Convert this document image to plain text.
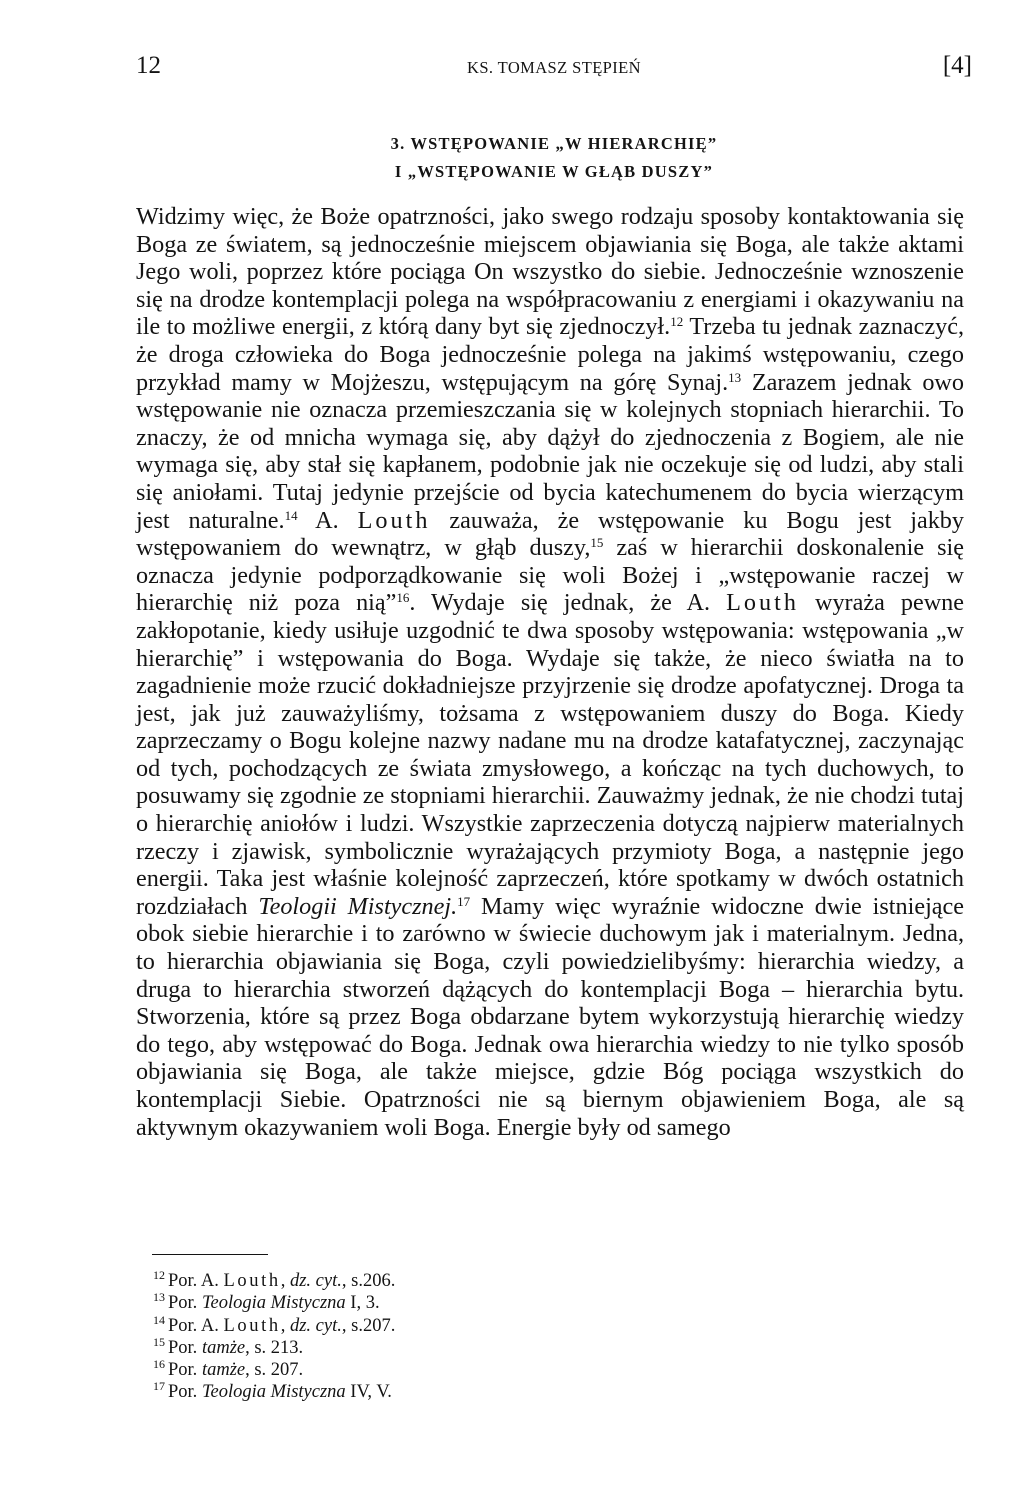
12	KS. TOMASZ STĘPIEŃ	[4]
3. WSTĘPOWANIE „W HIERARCHIĘ”
I „WSTĘPOWANIE W GŁĄB DUSZY”

Widzimy więc, że Boże opatrzności, jako swego rodzaju sposoby kontaktowania się Boga ze światem, są jednocześnie miejscem objawiania się Boga, ale także aktami Jego woli, poprzez które pociąga On wszystko do siebie. Jednocześnie wznoszenie się na drodze kontemplacji polega na współpracowaniu z energiami i okazywaniu na ile to możliwe energii, z którą dany byt się zjednoczył.$^{12}$ Trzeba tu jednak zaznaczyć, że droga człowieka do Boga jednocześnie polega na jakimś wstępowaniu, czego przykład mamy w Mojżeszu, wstępującym na górę Synaj.$^{13}$ Zarazem jednak owo wstępowanie nie oznacza przemieszczania się w kolejnych stopniach hierarchii. To znaczy, że od mnicha wymaga się, aby dążył do zjednoczenia z Bogiem, ale nie wymaga się, aby stał się kapłanem, podobnie jak nie oczekuje się od ludzi, aby stali się aniołami. Tutaj jedynie przejście od bycia katechumenem do bycia wierzącym jest naturalne.$^{14}$ A. Louth zauważa, że wstępowanie ku Bogu jest jakby wstępowaniem do wewnątrz, w głąb duszy,$^{15}$ zaś w hierarchii doskonalenie się oznacza jedynie podporządkowanie się woli Bożej i „wstępowanie raczej w hierarchię niż poza nią”$^{16}$. Wydaje się jednak, że A. Louth wyraża pewne zakłopotanie, kiedy usiłuje uzgodnić te dwa sposoby wstępowania: wstępowania „w hierarchię” i wstępowania do Boga. Wydaje się także, że nieco światła na to zagadnienie może rzucić dokładniejsze przyjrzenie się drodze apofatycznej. Droga ta jest, jak już zauważyliśmy, tożsama z wstępowaniem duszy do Boga. Kiedy zaprzeczamy o Bogu kolejne nazwy nadane mu na drodze katafatycznej, zaczynając od tych, pochodzących ze świata zmysłowego, a kończąc na tych duchowych, to posuwamy się zgodnie ze stopniami hierarchii. Zauważmy jednak, że nie chodzi tutaj o hierarchię aniołów i ludzi. Wszystkie zaprzeczenia dotyczą najpierw materialnych rzeczy i zjawisk, symbolicznie wyrażających przymioty Boga, a następnie jego energii. Taka jest właśnie kolejność zaprzeczeń, które spotkamy w dwóch ostatnich rozdziałach Teologii Mistycznej.$^{17}$ Mamy więc wyraźnie widoczne dwie istniejące obok siebie hierarchie i to zarówno w świecie duchowym jak i materialnym. Jedna, to hierarchia objawiania się Boga, czyli powiedzielibyśmy: hierarchia wiedzy, a druga to hierarchia stworzeń dążących do kontemplacji Boga – hierarchia bytu. Stworzenia, które są przez Boga obdarzane bytem wykorzystują hierarchię wiedzy do tego, aby wstępować do Boga. Jednak owa hierarchia wiedzy to nie tylko sposób objawiania się Boga, ale także miejsce, gdzie Bóg pociąga wszystkich do kontemplacji Siebie. Opatrzności nie są biernym objawieniem Boga, ale są aktywnym okazywaniem woli Boga. Energie były od samego

$^{12}$ Por. A. Louth, dz. cyt., s.206.
$^{13}$ Por. Teologia Mistyczna I, 3.
$^{14}$ Por. A. Louth, dz. cyt., s.207.
$^{15}$ Por. tamże, s. 213.
$^{16}$ Por. tamże, s. 207.
$^{17}$ Por. Teologia Mistyczna IV, V.
